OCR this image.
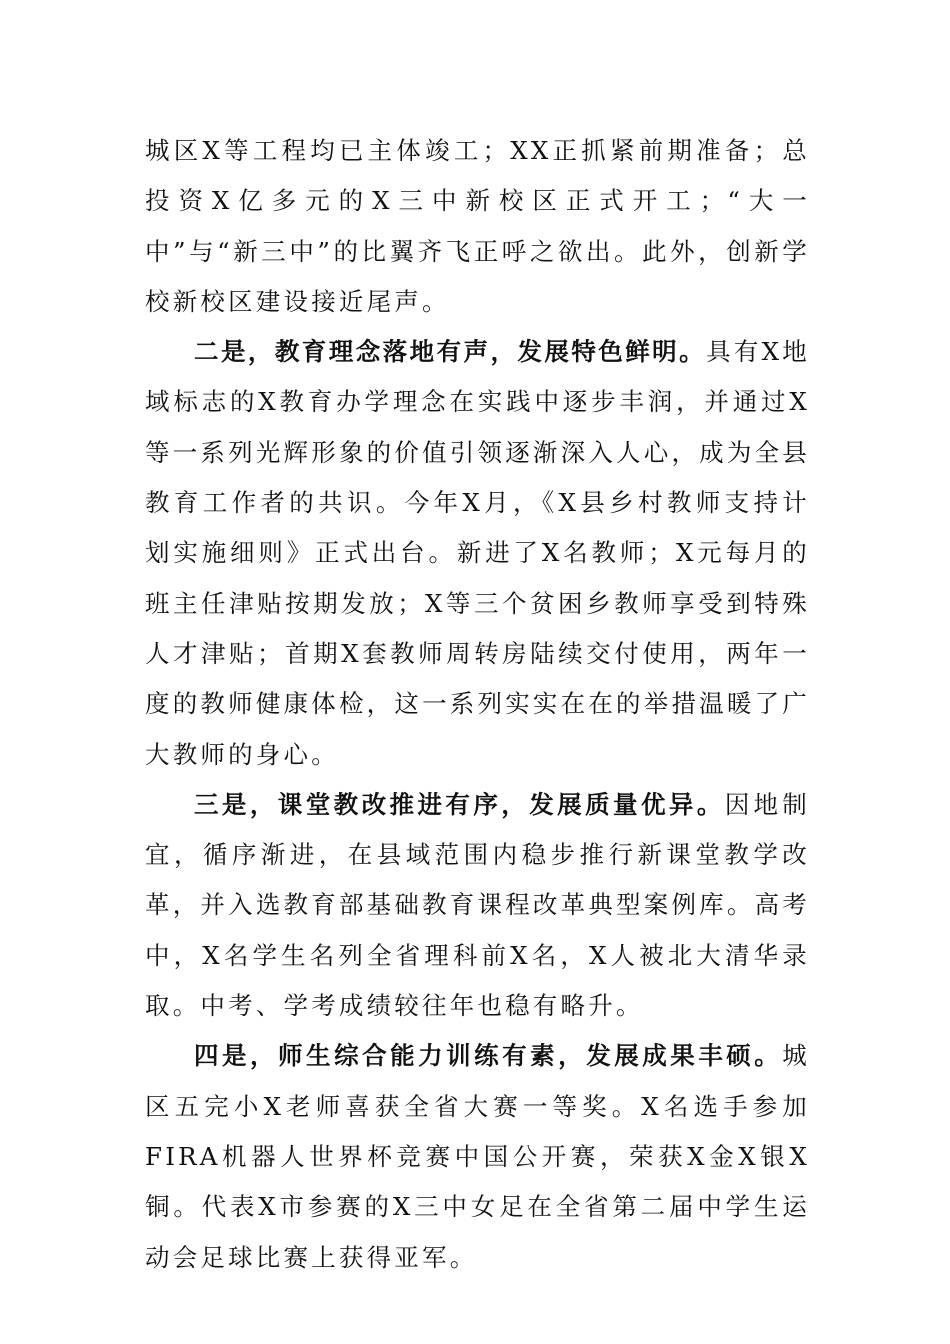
城区X等工程均已主体竣工；XX正抓紧前期准备；总投资X亿多元的X三中新校区正式开工；“大一中”与“新三中”的比翼齐飞正呼之欲出。此外，创新学校新校区建设接近尾声。

二是，教育理念落地有声，发展特色鲜明。具有X地域标志的X教育办学理念在实践中逐步丰润，并通过X等一系列光辉形象的价值引领逐渐深入人心，成为全县教育工作者的共识。今年X月，《X县乡村教师支持计划实施细则》正式出台。新进了X名教师；X元每月的班主任津贴按期发放；X等三个贫困乡教师享受到特殊人才津贴；首期X套教师周转房陆续交付使用，两年一度的教师健康体检，这一系列实实在在的举措温暖了广大教师的身心。

三是，课堂教改推进有序，发展质量优异。因地制宜，循序渐进，在县域范围内稳步推行新课堂教学改革，并入选教育部基础教育课程改革典型案例库。高考中，X名学生名列全省理科前X名，X人被北大清华录取。中考、学考成绩较往年也稳有略升。

四是，师生综合能力训练有素，发展成果丰硕。城区五完小X老师喜获全省大赛一等奖。X名选手参加FIRA机器人世界杯竞赛中国公开赛，荣获X金X银X铜。代表X市参赛的X三中女足在全省第二届中学生运动会足球比赛上获得亚军。
